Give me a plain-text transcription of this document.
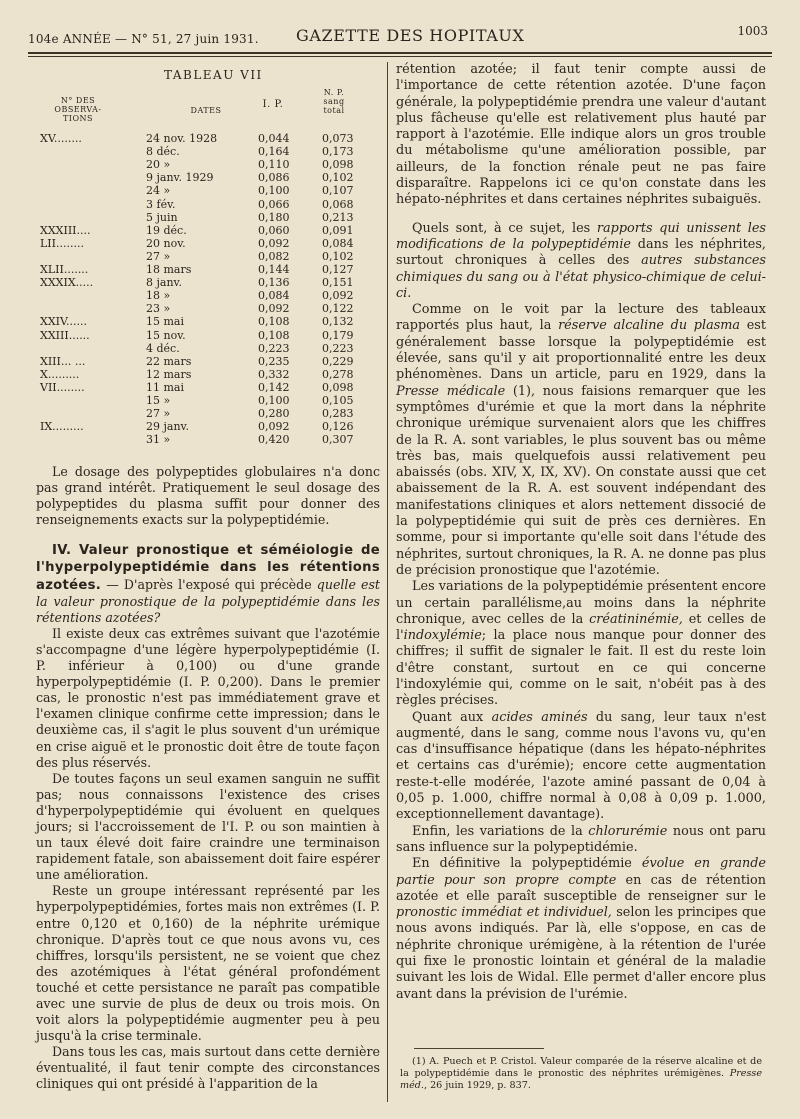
104e ANNÉE — N° 51, 27 juin 1931. GAZETTE DES HOPITAUX	1003
TABLEAU VII
N° DES OBSERVA-TIONS
DATES
I. P.
N. P. sang total
XV........	24 nov. 1928	0,044	0,073
8 déc.	0,164	0,173
20 »	0,110	0,098
9 janv. 1929	0,086	0,102
24 »	0,100	0,107
3 fév.	0,066	0,068
5 juin	0,180	0,213
XXXIII....	19 déc.	0,060	0,091
LII........	20 nov.	0,092	0,084
27 »	0,082	0,102
XLII.......	18 mars	0,144	0,127
XXXIX.....	8 janv.	0,136	0,151
18 »	0,084	0,092
23 »	0,092	0,122
XXIV......	15 mai	0,108	0,132
XXIII......	15 nov.	0,108	0,179
4 déc.	0,223	0,223
XIII... ...	22 mars	0,235	0,229
X.........	12 mars	0,332	0,278
VII........	11 mai	0,142	0,098
15 »	0,100	0,105
27 »	0,280	0,283
IX.........	29 janv.	0,092	0,126
31 »	0,420	0,307

Le dosage des polypeptides globulaires n'a donc pas grand intérêt. Pratiquement le seul dosage des polypeptides du plasma suffit pour donner des renseignements exacts sur la polypeptidémie.

IV. Valeur pronostique et séméiologie de l'hyperpolypeptidémie dans les rétentions azotées. — D'après l'exposé qui précède quelle est la valeur pronostique de la polypeptidémie dans les rétentions azotées?

Il existe deux cas extrêmes suivant que l'azotémie s'accompagne d'une légère hyperpolypeptidémie (I. P. inférieur à 0,100) ou d'une grande hyperpolypeptidémie (I. P. 0,200). Dans le premier cas, le pronostic n'est pas immédiatement grave et l'examen clinique confirme cette impression; dans le deuxième cas, il s'agit le plus souvent d'un urémique en crise aiguë et le pronostic doit être de toute façon des plus réservés.

De toutes façons un seul examen sanguin ne suffit pas; nous connaissons l'existence des crises d'hyperpolypeptidémie qui évoluent en quelques jours; si l'accroissement de l'I. P. ou son maintien à un taux élevé doit faire craindre une terminaison rapidement fatale, son abaissement doit faire espérer une amélioration.

Reste un groupe intéressant représenté par les hyperpolypeptidémies, fortes mais non extrêmes (I. P. entre 0,120 et 0,160) de la néphrite urémique chronique. D'après tout ce que nous avons vu, ces chiffres, lorsqu'ils persistent, ne se voient que chez des azotémiques à l'état général profondément touché et cette persistance ne paraît pas compatible avec une survie de plus de deux ou trois mois. On voit alors la polypeptidémie augmenter peu à peu jusqu'à la crise terminale.

Dans tous les cas, mais surtout dans cette dernière éventualité, il faut tenir compte des circonstances cliniques qui ont présidé à l'apparition de la

rétention azotée; il faut tenir compte aussi de l'importance de cette rétention azotée. D'une façon générale, la polypeptidémie prendra une valeur d'autant plus fâcheuse qu'elle est relativement plus hauté par rapport à l'azotémie. Elle indique alors un gros trouble du métabolisme qu'une amélioration possible, par ailleurs, de la fonction rénale peut ne pas faire disparaître. Rappelons ici ce qu'on constate dans les hépato-néphrites et dans certaines néphrites subaiguës.

Quels sont, à ce sujet, les rapports qui unissent les modifications de la polypeptidémie dans les néphrites, surtout chroniques à celles des autres substances chimiques du sang ou à l'état physico-chimique de celui-ci.

Comme on le voit par la lecture des tableaux rapportés plus haut, la réserve alcaline du plasma est généralement basse lorsque la polypeptidémie est élevée, sans qu'il y ait proportionnalité entre les deux phénomènes. Dans un article, paru en 1929, dans la Presse médicale (1), nous faisions remarquer que les symptômes d'urémie et que la mort dans la néphrite chronique urémique survenaient alors que les chiffres de la R. A. sont variables, le plus souvent bas ou même très bas, mais quelquefois aussi relativement peu abaissés (obs. XIV, X, IX, XV). On constate aussi que cet abaissement de la R. A. est souvent indépendant des manifestations cliniques et alors nettement dissocié de la polypeptidémie qui suit de près ces dernières. En somme, pour si importante qu'elle soit dans l'étude des néphrites, surtout chroniques, la R. A. ne donne pas plus de précision pronostique que l'azotémie.

Les variations de la polypeptidémie présentent encore un certain parallélisme,au moins dans la néphrite chronique, avec celles de la créatininémie, et celles de l'indoxylémie; la place nous manque pour donner des chiffres; il suffit de signaler le fait. Il est du reste loin d'être constant, surtout en ce qui concerne l'indoxylémie qui, comme on le sait, n'obéit pas à des règles précises.

Quant aux acides aminés du sang, leur taux n'est augmenté, dans le sang, comme nous l'avons vu, qu'en cas d'insuffisance hépatique (dans les hépato-néphrites et certains cas d'urémie); encore cette augmentation reste-t-elle modérée, l'azote aminé passant de 0,04 à 0,05 p. 1.000, chiffre normal à 0,08 à 0,09 p. 1.000, exceptionnellement davantage).

Enfin, les variations de la chlorurémie nous ont paru sans influence sur la polypeptidémie.

En définitive la polypeptidémie évolue en grande partie pour son propre compte en cas de rétention azotée et elle paraît susceptible de renseigner sur le pronostic immédiat et individuel, selon les principes que nous avons indiqués. Par là, elle s'oppose, en cas de néphrite chronique urémigène, à la rétention de l'urée qui fixe le pronostic lointain et général de la maladie suivant les lois de Widal. Elle permet d'aller encore plus avant dans la prévision de l'urémie.

(1) A. Puech et P. Cristol. Valeur comparée de la réserve alcaline et de la polypeptidémie dans le pronostic des néphrites urémigènes. Presse méd., 26 juin 1929, p. 837.
